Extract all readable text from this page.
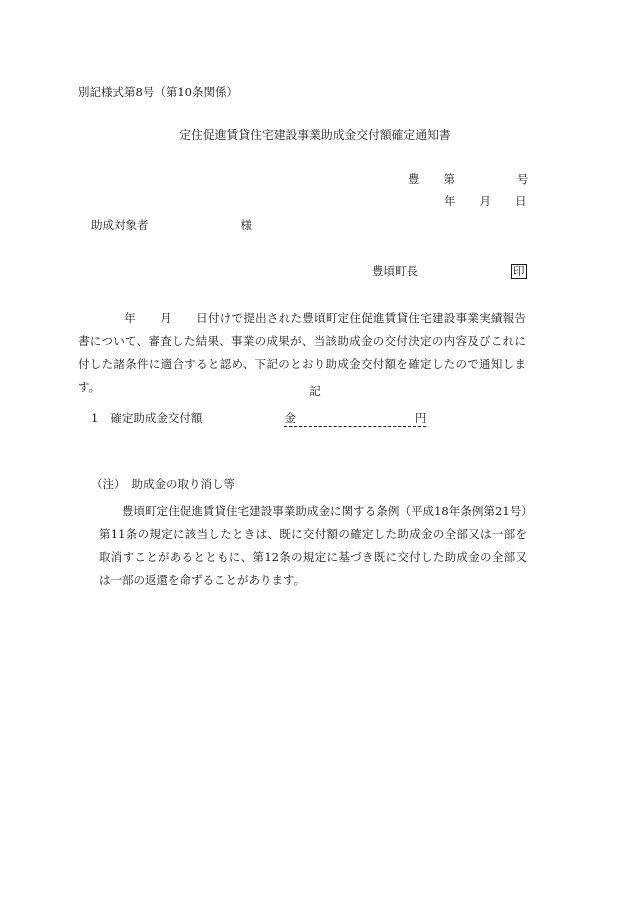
別記様式第8号（第10条関係）
定住促進賃貸住宅建設事業助成金交付額確定通知書
豊 第	号
年 月 日
助成対象者	様
豊頃町長	印
年 月 日付けで提出された豊頃町定住促進賃貸住宅建設事業実績報告書について、審査した結果、事業の成果が、当該助成金の交付決定の内容及びこれに付した諸条件に適合すると認め、下記のとおり助成金交付額を確定したので通知します。	記
1 確定助成金交付額	金	円
（注） 助成金の取り消し等
豊頃町定住促進賃貸住宅建設事業助成金に関する条例（平成18年条例第21号）第11条の規定に該当したときは、既に交付額の確定した助成金の全部又は一部を取消すことがあるとともに、第12条の規定に基づき既に交付した助成金の全部又は一部の返還を命ずることがあります。
